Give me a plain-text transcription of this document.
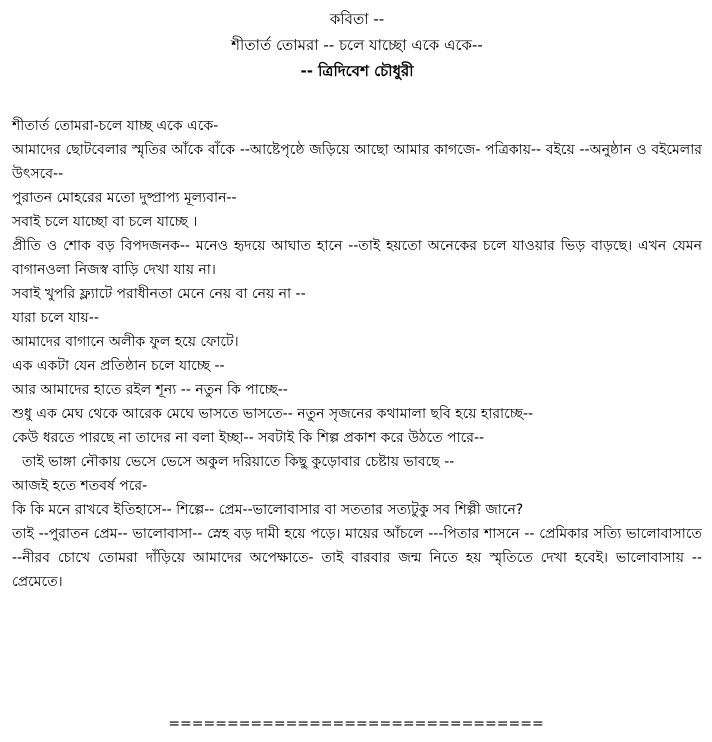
কবিতা --
শীতার্ত তোমরা -- চলে যাচ্ছো একে একে--
-- ত্রিদিবেশ চৌধুরী
শীতার্ত তোমরা-চলে যাচ্ছ একে একে-
আমাদের ছোটবেলার স্মৃতির আঁকে বাঁকে --আষ্টেপৃষ্ঠে জড়িয়ে আছো আমার কাগজে- পত্রিকায়-- বইয়ে --অনুষ্ঠান ও বইমেলার উৎসবে--
পুরাতন মোহরের মতো দুষ্প্রাপ্য মূল্যবান--
সবাই চলে যাচ্ছো বা চলে যাচ্ছে ।
প্রীতি ও শোক বড় বিপদজনক-- মনেও হৃদয়ে আঘাত হানে --তাই হয়তো অনেকের চলে যাওয়ার ভিড় বাড়ছে। এখন যেমন বাগানওলা নিজস্ব বাড়ি দেখা যায় না।
সবাই খুপরি ফ্ল্যাটে পরাধীনতা মেনে নেয় বা নেয় না --
যারা চলে যায়--
আমাদের বাগানে অলীক ফুল হয়ে ফোটে।
এক একটা যেন প্রতিষ্ঠান চলে যাচ্ছে --
আর আমাদের হাতে রইল শূন্য -- নতুন কি পাচ্ছে--
শুধু এক মেঘ থেকে আরেক মেঘে ভাসতে ভাসতে-- নতুন সৃজনের কথামালা ছবি হয়ে হারাচ্ছে--
কেউ ধরতে পারছে না তাদের না বলা ইচ্ছা-- সবটাই কি শিল্প প্রকাশ করে উঠতে পারে--
তাই ভাঙ্গা নৌকায় ভেসে ভেসে অকুল দরিয়াতে কিছু কুড়োবার চেষ্টায় ভাবছে --
আজই হতে শতবর্ষ পরে-
কি কি মনে রাখবে ইতিহাসে-- শিল্পে-- প্রেম--ভালোবাসার বা সততার সত্যটুকু সব শিল্পী জানে?
তাই --পুরাতন প্রেম-- ভালোবাসা-- স্নেহ বড় দামী হয়ে পড়ে। মায়ের আঁচলে ---পিতার শাসনে -- প্রেমিকার সত্যি ভালোবাসাতে --নীরব চোখে তোমরা দাঁড়িয়ে আমাদের অপেক্ষাতে- তাই বারবার জন্ম নিতে হয় স্মৃতিতে দেখা হবেই। ভালোবাসায় -- প্রেমেতে।
================================
